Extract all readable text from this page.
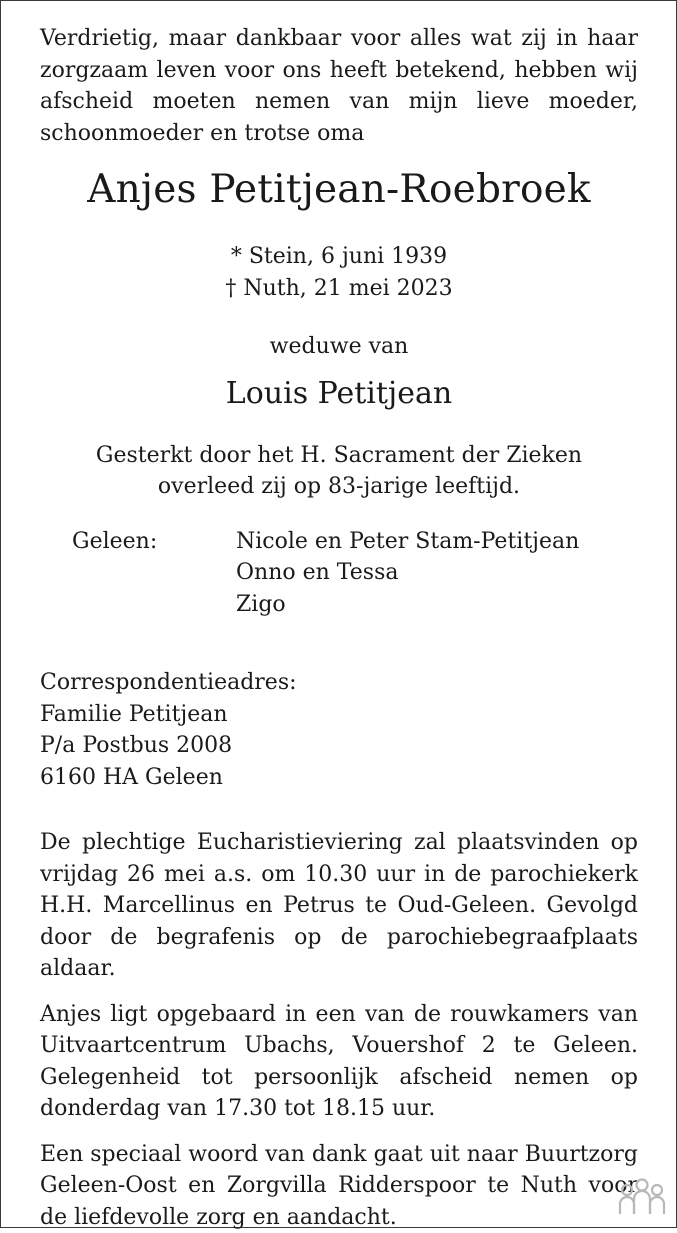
Verdrietig, maar dankbaar voor alles wat zij in haar zorgzaam leven voor ons heeft betekend, hebben wij afscheid moeten nemen van mijn lieve moeder, schoonmoeder en trotse oma

Anjes Petitjean-Roebroek

* Stein, 6 juni 1939
† Nuth, 21 mei 2023

weduwe van

Louis Petitjean

Gesterkt door het H. Sacrament der Zieken
overleed zij op 83-jarige leeftijd.
Geleen:	Nicole en Peter Stam-Petitjean
Onno en Tessa
Zigo
Correspondentieadres:
Familie Petitjean
P/a Postbus 2008
6160 HA Geleen

De plechtige Eucharistieviering zal plaatsvinden op vrijdag 26 mei a.s. om 10.30 uur in de parochiekerk H.H. Marcellinus en Petrus te Oud-Geleen. Gevolgd door de begrafenis op de parochiebegraafplaats aldaar.

Anjes ligt opgebaard in een van de rouwkamers van Uitvaartcentrum Ubachs, Vouershof 2 te Geleen. Gelegenheid tot persoonlijk afscheid nemen op donderdag van 17.30 tot 18.15 uur.

Een speciaal woord van dank gaat uit naar Buurtzorg Geleen-Oost en Zorgvilla Ridderspoor te Nuth voor de liefdevolle zorg en aandacht.
